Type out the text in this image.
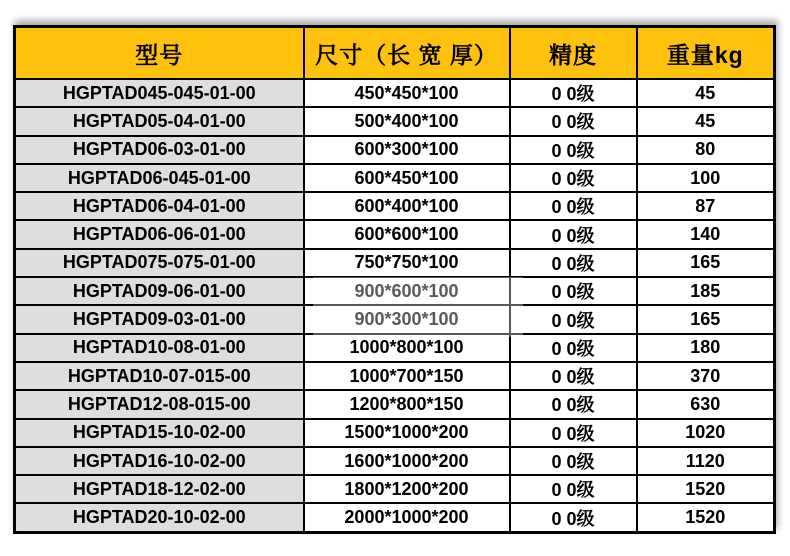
型号	尺寸（长 宽 厚）	精度	重量kg
HGPTAD045-045-01-00	450*450*100	0 0级	45
HGPTAD05-04-01-00	500*400*100	0 0级	45
HGPTAD06-03-01-00	600*300*100	0 0级	80
HGPTAD06-045-01-00	600*450*100	0 0级	100
HGPTAD06-04-01-00	600*400*100	0 0级	87
HGPTAD06-06-01-00	600*600*100	0 0级	140
HGPTAD075-075-01-00	750*750*100	0 0级	165
HGPTAD09-06-01-00	900*600*100	0 0级	185
HGPTAD09-03-01-00	900*300*100	0 0级	165
HGPTAD10-08-01-00	1000*800*100	0 0级	180
HGPTAD10-07-015-00	1000*700*150	0 0级	370
HGPTAD12-08-015-00	1200*800*150	0 0级	630
HGPTAD15-10-02-00	1500*1000*200	0 0级	1020
HGPTAD16-10-02-00	1600*1000*200	0 0级	1120
HGPTAD18-12-02-00	1800*1200*200	0 0级	1520
HGPTAD20-10-02-00	2000*1000*200	0 0级	1520
